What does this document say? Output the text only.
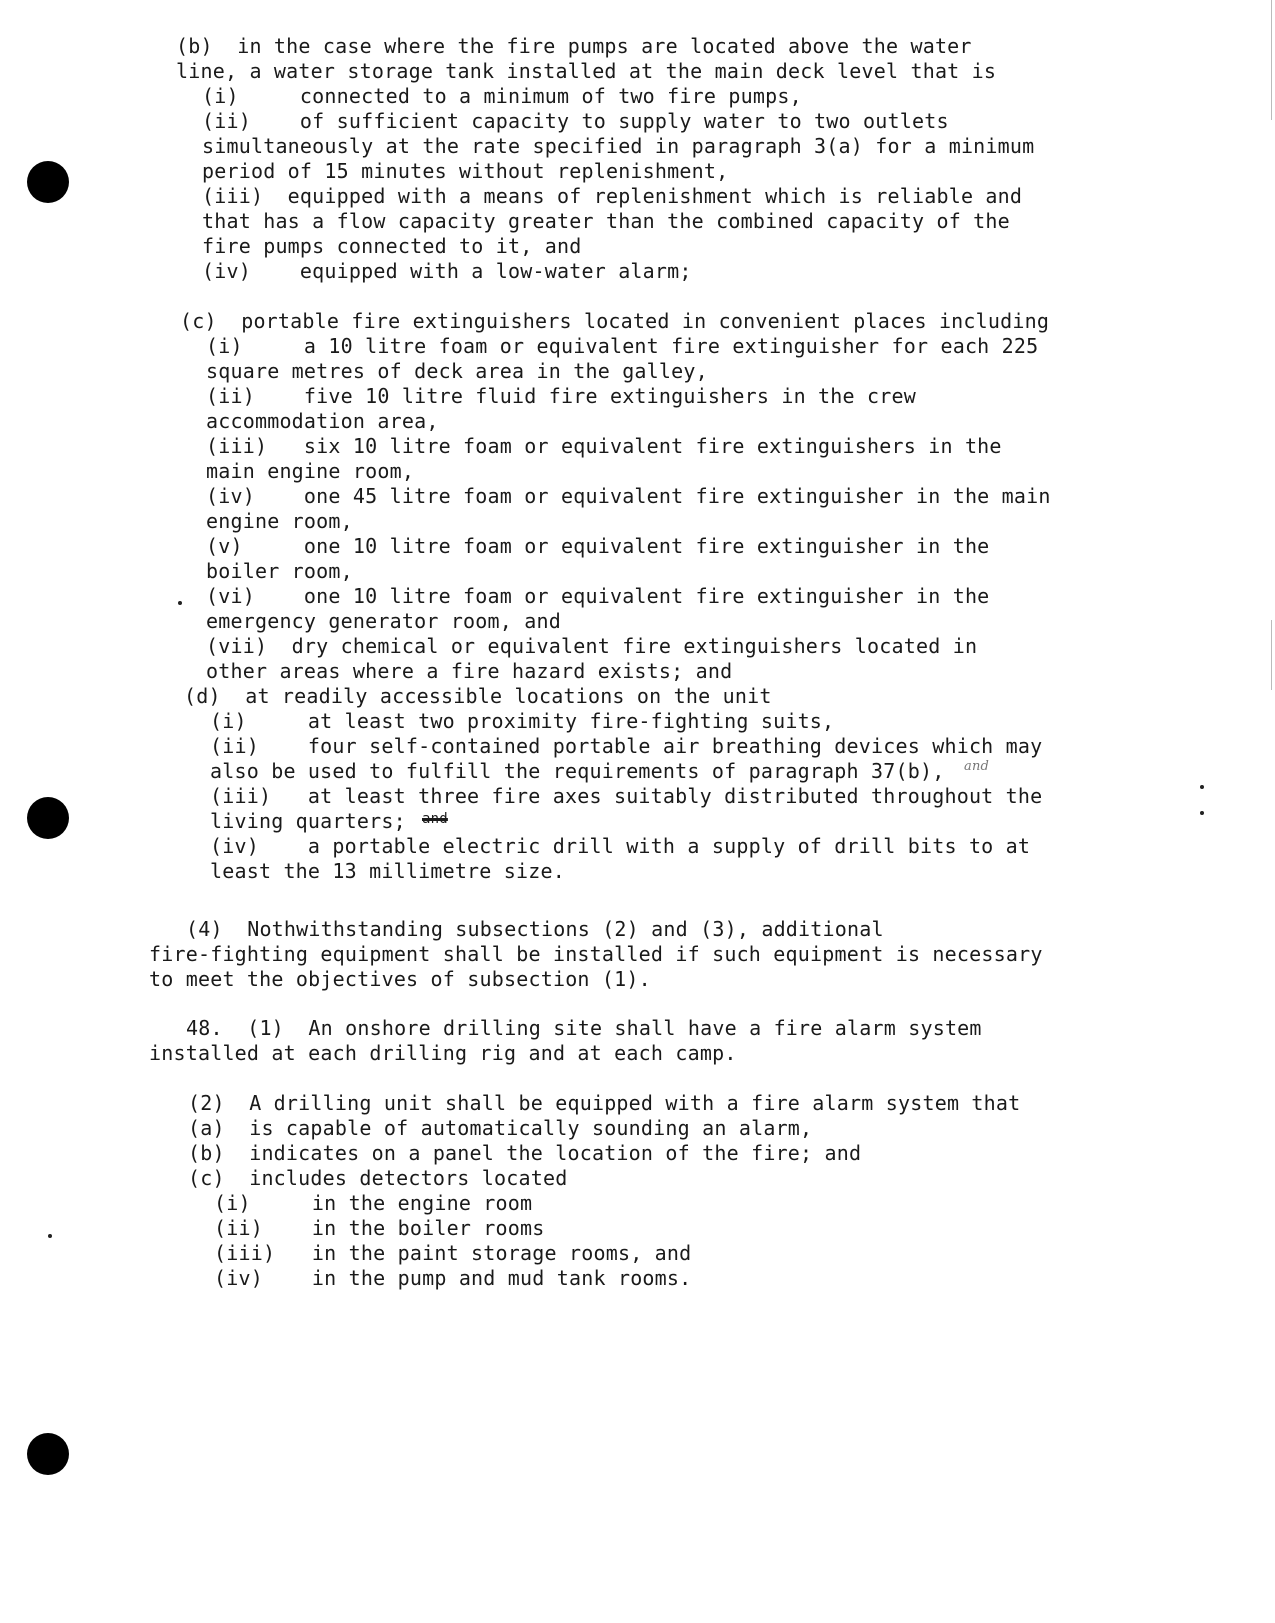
(b)  in the case where the fire pumps are located above the water
line, a water storage tank installed at the main deck level that is
(i)     connected to a minimum of two fire pumps,
(ii)    of sufficient capacity to supply water to two outlets
simultaneously at the rate specified in paragraph 3(a) for a minimum
period of 15 minutes without replenishment,
(iii)  equipped with a means of replenishment which is reliable and
that has a flow capacity greater than the combined capacity of the
fire pumps connected to it, and
(iv)    equipped with a low-water alarm;
(c)  portable fire extinguishers located in convenient places including
(i)     a 10 litre foam or equivalent fire extinguisher for each 225
square metres of deck area in the galley,
(ii)    five 10 litre fluid fire extinguishers in the crew
accommodation area,
(iii)   six 10 litre foam or equivalent fire extinguishers in the
main engine room,
(iv)    one 45 litre foam or equivalent fire extinguisher in the main
engine room,
(v)     one 10 litre foam or equivalent fire extinguisher in the
boiler room,
(vi)    one 10 litre foam or equivalent fire extinguisher in the
emergency generator room, and
(vii)  dry chemical or equivalent fire extinguishers located in
other areas where a fire hazard exists; and
(d)  at readily accessible locations on the unit
(i)     at least two proximity fire-fighting suits,
(ii)    four self-contained portable air breathing devices which may
also be used to fulfill the requirements of paragraph 37(b), and
(iii)   at least three fire axes suitably distributed throughout the
living quarters; and
(iv)    a portable electric drill with a supply of drill bits to at
least the 13 millimetre size.
(4)  Nothwithstanding subsections (2) and (3), additional
fire-fighting equipment shall be installed if such equipment is necessary
to meet the objectives of subsection (1).
48.  (1)  An onshore drilling site shall have a fire alarm system
installed at each drilling rig and at each camp.
(2)  A drilling unit shall be equipped with a fire alarm system that
(a)  is capable of automatically sounding an alarm,
(b)  indicates on a panel the location of the fire; and
(c)  includes detectors located
(i)     in the engine room
(ii)    in the boiler rooms
(iii)   in the paint storage rooms, and
(iv)    in the pump and mud tank rooms.
